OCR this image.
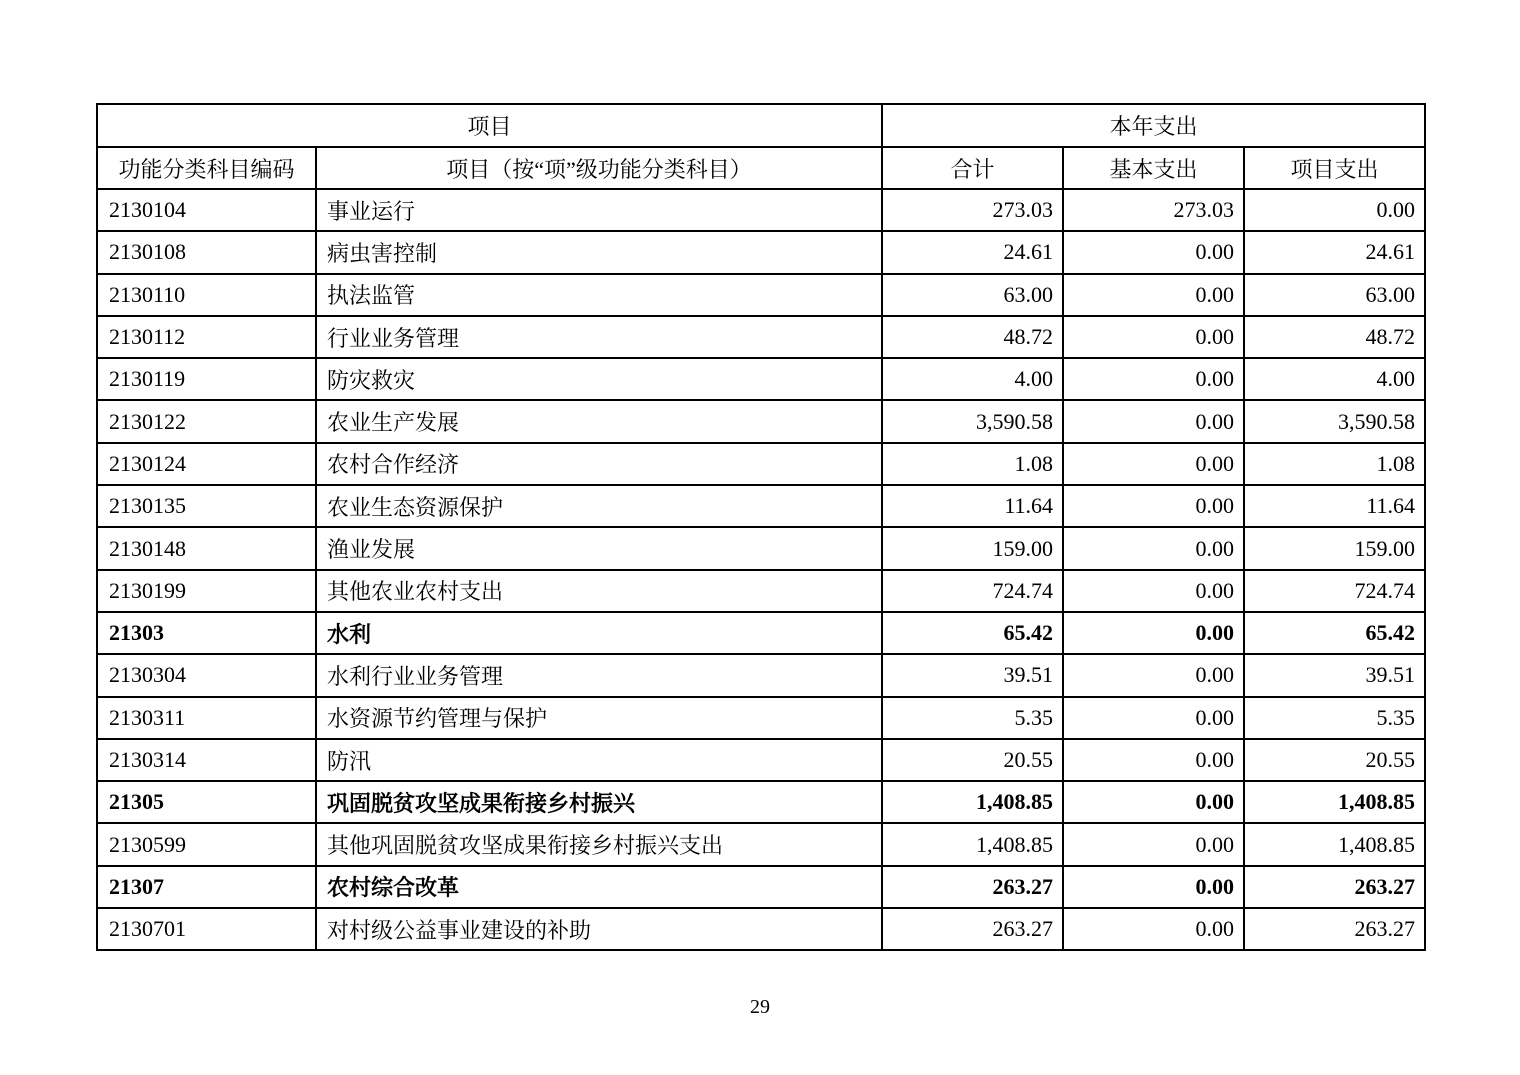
项目		本年支出		
功能分类科目编码	项目（按“项”级功能分类科目）	合计	基本支出	项目支出
2130104	事业运行	273.03	273.03	0.00
2130108	病虫害控制	24.61	0.00	24.61
2130110	执法监管	63.00	0.00	63.00
2130112	行业业务管理	48.72	0.00	48.72
2130119	防灾救灾	4.00	0.00	4.00
2130122	农业生产发展	3,590.58	0.00	3,590.58
2130124	农村合作经济	1.08	0.00	1.08
2130135	农业生态资源保护	11.64	0.00	11.64
2130148	渔业发展	159.00	0.00	159.00
2130199	其他农业农村支出	724.74	0.00	724.74
21303	水利	65.42	0.00	65.42
2130304	水利行业业务管理	39.51	0.00	39.51
2130311	水资源节约管理与保护	5.35	0.00	5.35
2130314	防汛	20.55	0.00	20.55
21305	巩固脱贫攻坚成果衔接乡村振兴	1,408.85	0.00	1,408.85
2130599	其他巩固脱贫攻坚成果衔接乡村振兴支出	1,408.85	0.00	1,408.85
21307	农村综合改革	263.27	0.00	263.27
2130701	对村级公益事业建设的补助	263.27	0.00	263.27
29
